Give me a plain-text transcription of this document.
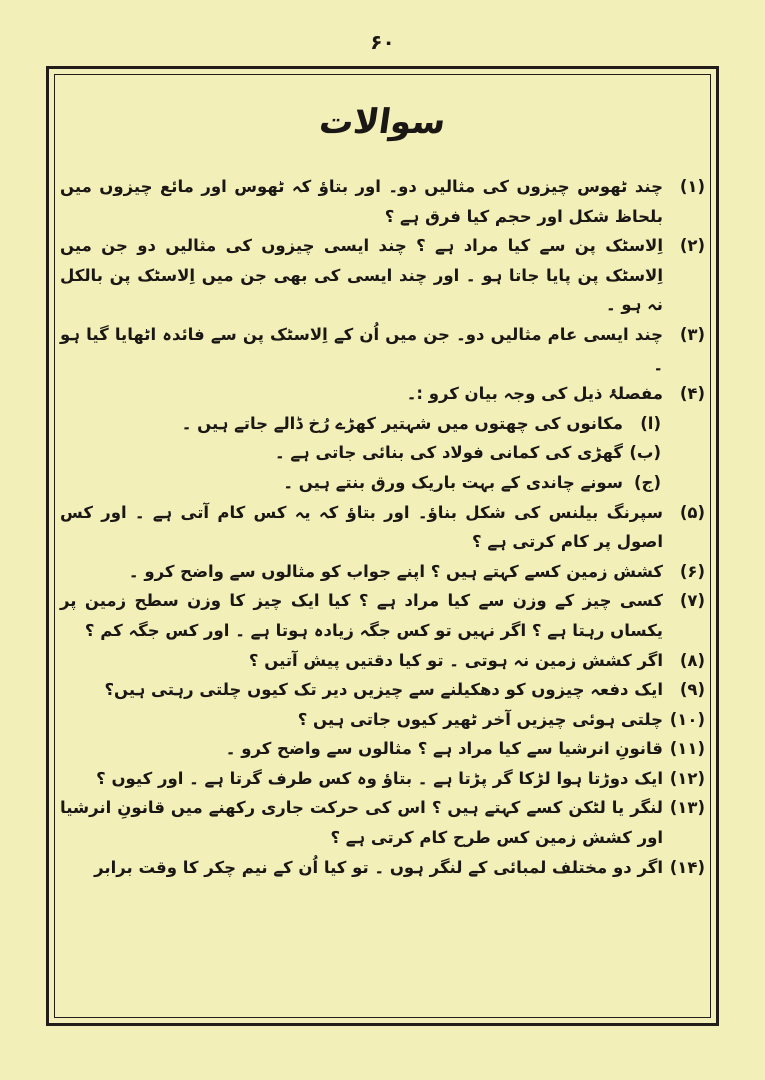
۶۰
سوالات
(۱)
چند ٹھوس چیزوں کی مثالیں دو۔ اور بتاؤ کہ ٹھوس اور مائع چیزوں میں بلحاظ شکل اور حجم کیا فرق ہے ؟
(۲)
اِلاسٹک پن سے کیا مراد ہے ؟ چند ایسی چیزوں کی مثالیں دو جن میں اِلاسٹک پن پایا جاتا ہو ۔ اور چند ایسی کی بھی جن میں اِلاسٹک پن بالکل نہ ہو ۔
(۳)
چند ایسی عام مثالیں دو۔ جن میں اُن کے اِلاسٹک پن سے فائدہ اٹھایا گیا ہو ۔
(۴)
مفصلۂ ذیل کی وجہ بیان کرو :۔
(ا)
مکانوں کی چھتوں میں شہتیر کھڑے رُخ ڈالے جاتے ہیں ۔
(ب)
گھڑی کی کمانی فولاد کی بنائی جاتی ہے ۔
(ج)
سونے چاندی کے بہت باریک ورق بنتے ہیں ۔
(۵)
سپرنگ بیلنس کی شکل بناؤ۔ اور بتاؤ کہ یہ کس کام آتی ہے ۔ اور کس اصول پر کام کرتی ہے ؟
(۶)
کشش زمین کسے کہتے ہیں ؟ اپنے جواب کو مثالوں سے واضح کرو ۔
(۷)
کسی چیز کے وزن سے کیا مراد ہے ؟ کیا ایک چیز کا وزن سطح زمین پر یکساں رہتا ہے ؟ اگر نہیں تو کس جگہ زیادہ ہوتا ہے ۔ اور کس جگہ کم ؟
(۸)
اگر کشش زمین نہ ہوتی ۔ تو کیا دقتیں پیش آتیں ؟
(۹)
ایک دفعہ چیزوں کو دھکیلنے سے چیزیں دیر تک کیوں چلتی رہتی ہیں؟
(۱۰)
چلتی ہوئی چیزیں آخر ٹھیر کیوں جاتی ہیں ؟
(۱۱)
قانونِ انرشیا سے کیا مراد ہے ؟ مثالوں سے واضح کرو ۔
(۱۲)
ایک دوڑتا ہوا لڑکا گر پڑتا ہے ۔ بتاؤ وہ کس طرف گرتا ہے ۔ اور کیوں ؟
(۱۳)
لنگر یا لٹکن کسے کہتے ہیں ؟ اس کی حرکت جاری رکھنے میں قانونِ انرشیا اور کشش زمین کس طرح کام کرتی ہے ؟
(۱۴)
اگر دو مختلف لمبائی کے لنگر ہوں ۔ تو کیا اُن کے نیم چکر کا وقت برابر
